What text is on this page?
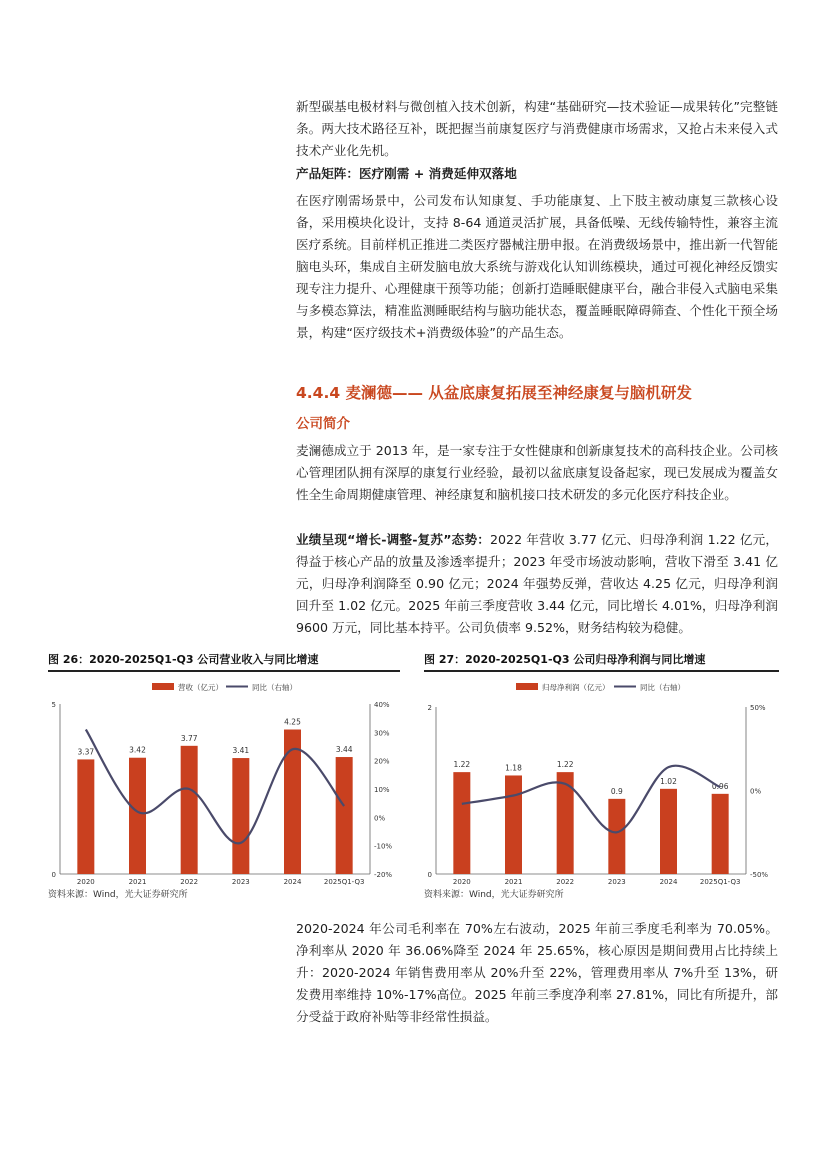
新型碳基电极材料与微创植入技术创新，构建“基础研究—技术验证—成果转化”完整链条。两大技术路径互补，既把握当前康复医疗与消费健康市场需求，又抢占未来侵入式技术产业化先机。

产品矩阵：医疗刚需 + 消费延伸双落地

在医疗刚需场景中，公司发布认知康复、手功能康复、上下肢主被动康复三款核心设备，采用模块化设计，支持 8-64 通道灵活扩展，具备低噪、无线传输特性，兼容主流医疗系统。目前样机正推进二类医疗器械注册申报。在消费级场景中，推出新一代智能脑电头环，集成自主研发脑电放大系统与游戏化认知训练模块，通过可视化神经反馈实现专注力提升、心理健康干预等功能；创新打造睡眠健康平台，融合非侵入式脑电采集与多模态算法，精准监测睡眠结构与脑功能状态，覆盖睡眠障碍筛查、个性化干预全场景，构建“医疗级技术+消费级体验”的产品生态。

4.4.4 麦澜德—— 从盆底康复拓展至神经康复与脑机研发
公司简介

麦澜德成立于 2013 年，是一家专注于女性健康和创新康复技术的高科技企业。公司核心管理团队拥有深厚的康复行业经验，最初以盆底康复设备起家，现已发展成为覆盖女性全生命周期健康管理、神经康复和脑机接口技术研发的多元化医疗科技企业。

业绩呈现“增长-调整-复苏”态势：2022 年营收 3.77 亿元、归母净利润 1.22 亿元，得益于核心产品的放量及渗透率提升；2023 年受市场波动影响，营收下滑至 3.41 亿元，归母净利润降至 0.90 亿元；2024 年强势反弹，营收达 4.25 亿元，归母净利润回升至 1.02 亿元。2025 年前三季度营收 3.44 亿元，同比增长 4.01%，归母净利润 9600 万元，同比基本持平。公司负债率 9.52%，财务结构较为稳健。

图 26：2020-2025Q1-Q3 公司营业收入与同比增速
营收（亿元）	同比（右轴）
0
5	40%
30%
20%
10%
0%
-10%
-20%
3.37
2020
3.42
2021
3.77
2022
3.41
2023
4.25
2024
3.44
2025Q1-Q3
资料来源：Wind，光大证券研究所
图 27：2020-2025Q1-Q3 公司归母净利润与同比增速
归母净利润（亿元）	同比（右轴）
0
2	50%
0%
-50%
1.22
2020
1.18
2021
1.22
2022
0.9
2023
1.02
2024
0.96
2025Q1-Q3
资料来源：Wind，光大证券研究所

2020-2024 年公司毛利率在 70%左右波动，2025 年前三季度毛利率为 70.05%。净利率从 2020 年 36.06%降至 2024 年 25.65%，核心原因是期间费用占比持续上升：2020-2024 年销售费用率从 20%升至 22%，管理费用率从 7%升至 13%，研发费用率维持 10%-17%高位。2025 年前三季度净利率 27.81%，同比有所提升，部分受益于政府补贴等非经常性损益。
